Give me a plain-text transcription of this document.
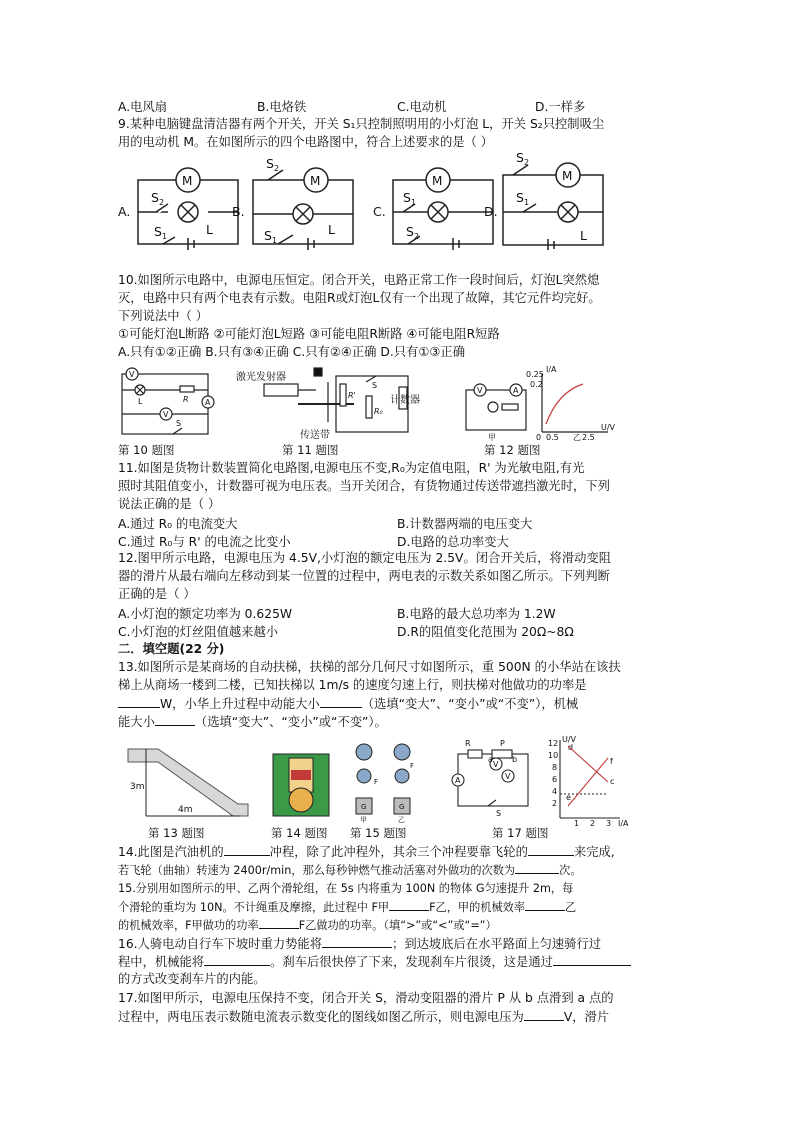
A.电风扇	B.电烙铁	C.电动机	D.一样多
9.某种电脑键盘清洁器有两个开关，开关 S₁只控制照明用的小灯泡 L，开关 S₂只控制吸尘
用的电动机 M。在如图所示的四个电路图中，符合上述要求的是（ ）
A.	B.	C.	D.
M	M	M	M
L	L	L
$S_2$
$S_1$
$S_2$
$S_1$
$S_1$
$S_2$
$S_2$
$S_1$
10.如图所示电路中，电源电压恒定。闭合开关，电路正常工作一段时间后，灯泡L突然熄
灭，电路中只有两个电表有示数。电阻R或灯泡L仅有一个出现了故障，其它元件均完好。
下列说法中（ ）
①可能灯泡L断路 ②可能灯泡L短路 ③可能电阻R断路 ④可能电阻R短路
A.只有①②正确 B.只有③④正确 C.只有②④正确 D.只有①③正确
V
V
A
L	R
S
激光发射器
传送带
计数器
R'
R₀
S
V	A
甲
I/A
U/V
0.25
0.2
0 0.5	2.5
乙
第 10 题图	第 11 题图	第 12 题图
11.如图是货物计数装置简化电路图,电源电压不变,R₀为定值电阻，R' 为光敏电阻,有光
照时其阻值变小，计数器可视为电压表。当开关闭合，有货物通过传送带遮挡激光时，下列
说法正确的是（ ）
A.通过 R₀ 的电流变大	B.计数器两端的电压变大
C.通过 R₀与 R' 的电流之比变小	D.电路的总功率变大
12.图甲所示电路，电源电压为 4.5V,小灯泡的额定电压为 2.5V。闭合开关后，将滑动变阻
器的滑片从最右端向左移动到某一位置的过程中，两电表的示数关系如图乙所示。下列判断
正确的是（ ）
A.小灯泡的额定功率为 0.625W	B.电路的最大总功率为 1.2W
C.小灯泡的灯丝阻值越来越小	D.R的阻值变化范围为 20Ω~8Ω
二．填空题(22 分)
13.如图所示是某商场的自动扶梯，扶梯的部分几何尺寸如图所示，重 500N 的小华站在该扶
梯上从商场一楼到二楼，已知扶梯以 1m/s 的速度匀速上行，则扶梯对他做功的功率是
W，小华上升过程中动能大小	（选填“变大”、“变小”或“不变”），机械
能大小	（选填“变大”、“变小”或“不变”）。
3m
4m
F
F
G	G
甲	乙
R	P
a b
A
V
V
S
U/V
I/A
12
10
8
6
4
2
1 2 3
d
f
c
e
第 13 题图	第 14 题图 第 15 题图	第 17 题图
14.此图是汽油机的	冲程，除了此冲程外，其余三个冲程要靠飞轮的	来完成,
若飞轮（曲轴）转速为 2400r/min，那么每秒钟燃气推动活塞对外做功的次数为	次。
15.分别用如图所示的甲、乙两个滑轮组，在 5s 内将重为 100N 的物体 G匀速提升 2m，每
个滑轮的重均为 10N。不计绳重及摩擦，此过程中 F甲	F乙，甲的机械效率	乙
的机械效率，F甲做功的功率	F乙做功的功率。（填“>”或“<”或“=”）
16.人骑电动自行车下坡时重力势能将	；到达坡底后在水平路面上匀速骑行过
程中，机械能将	。刹车后很快停了下来，发现刹车片很烫，这是通过
的方式改变刹车片的内能。
17.如图甲所示，电源电压保持不变，闭合开关 S，滑动变阻器的滑片 P 从 b 点滑到 a 点的
过程中，两电压表示数随电流表示数变化的图线如图乙所示，则电源电压为	V，滑片
